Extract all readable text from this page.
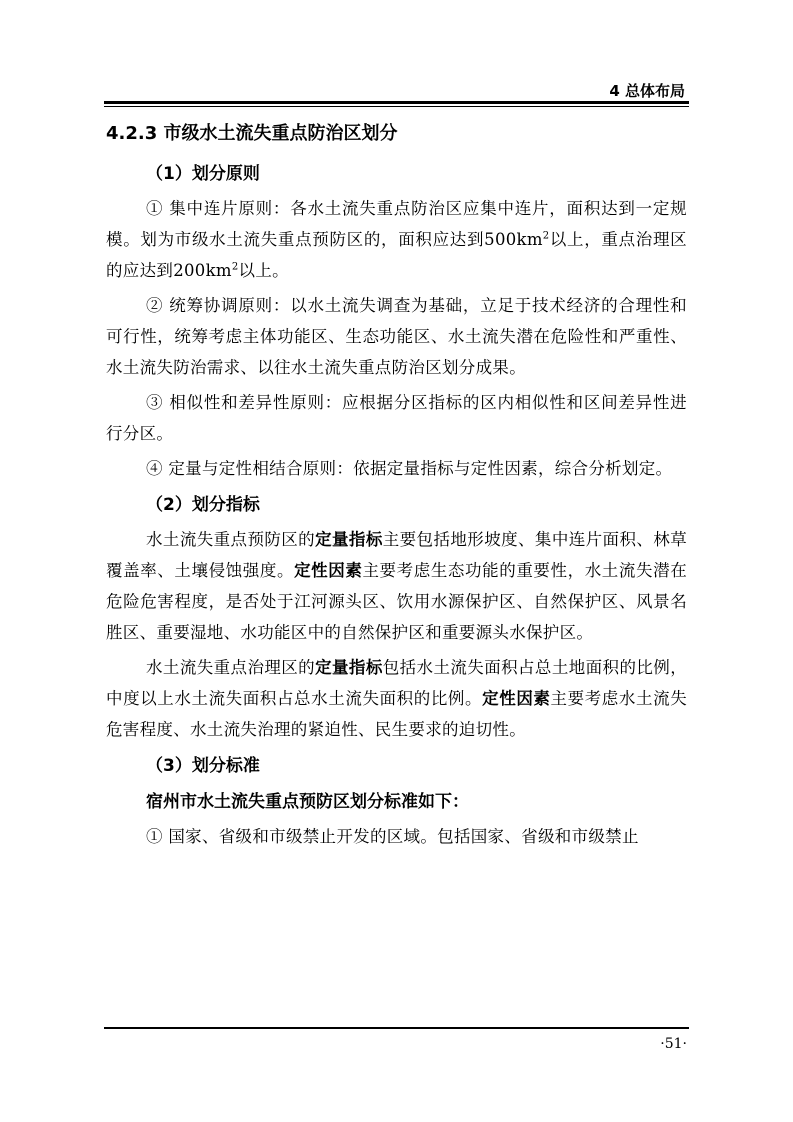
4 总体布局
4.2.3 市级水土流失重点防治区划分
（1）划分原则

① 集中连片原则：各水土流失重点防治区应集中连片，面积达到一定规模。划为市级水土流失重点预防区的，面积应达到$500km^2$以上，重点治理区的应达到$200km^2$以上。

② 统筹协调原则：以水土流失调查为基础，立足于技术经济的合理性和可行性，统筹考虑主体功能区、生态功能区、水土流失潜在危险性和严重性、水土流失防治需求、以往水土流失重点防治区划分成果。

③ 相似性和差异性原则：应根据分区指标的区内相似性和区间差异性进行分区。

④ 定量与定性相结合原则：依据定量指标与定性因素，综合分析划定。

（2）划分指标

水土流失重点预防区的定量指标主要包括地形坡度、集中连片面积、林草覆盖率、土壤侵蚀强度。定性因素主要考虑生态功能的重要性，水土流失潜在危险危害程度，是否处于江河源头区、饮用水源保护区、自然保护区、风景名胜区、重要湿地、水功能区中的自然保护区和重要源头水保护区。

水土流失重点治理区的定量指标包括水土流失面积占总土地面积的比例，中度以上水土流失面积占总水土流失面积的比例。定性因素主要考虑水土流失危害程度、水土流失治理的紧迫性、民生要求的迫切性。

（3）划分标准
宿州市水土流失重点预防区划分标准如下：

① 国家、省级和市级禁止开发的区域。包括国家、省级和市级禁止

·51·
